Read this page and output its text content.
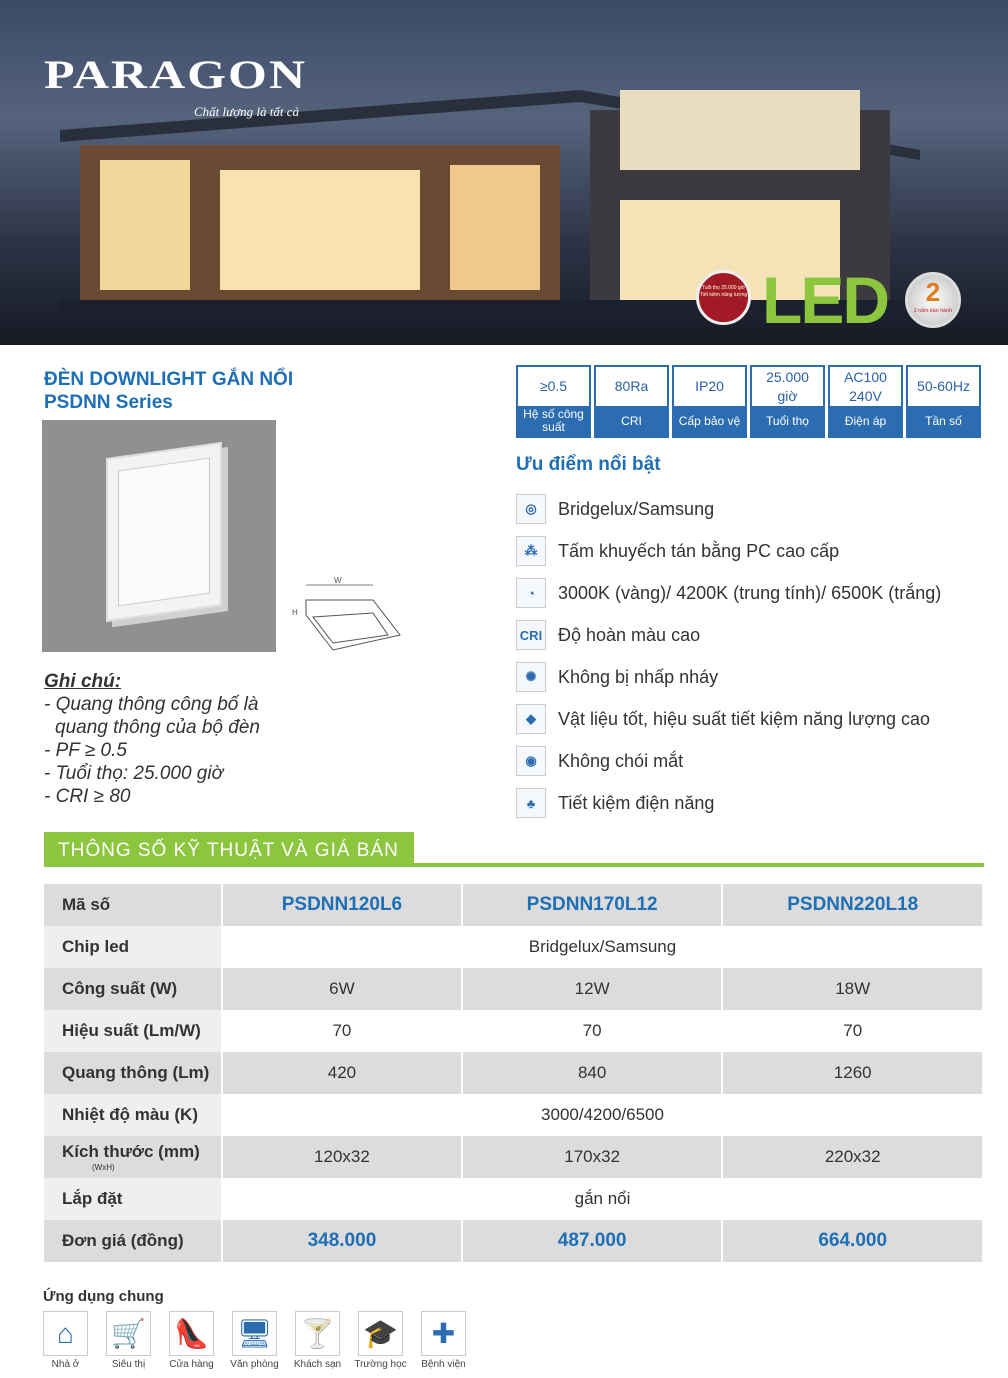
PARAGON
Chất lượng là tất cả
Tuổi thọ 25.000 giờ Tiết kiệm năng lượng LED	2
2 năm bảo hành
ĐÈN DOWNLIGHT GẮN NỔI
PSDNN Series
W
H
Ghi chú:
- Quang thông công bố là
quang thông của bộ đèn
- PF ≥ 0.5
- Tuổi thọ: 25.000 giờ
- CRI ≥ 80
≥0.5
Hệ số công suất
80Ra
CRI
IP20
Cấp bảo vệ
25.000 giờ
Tuổi thọ
AC100 240V
Điện áp
50-60Hz
Tần số
Ưu điểm nổi bật
◎	Bridgelux/Samsung
⁂	Tấm khuyếch tán bằng PC cao cấp
◔	3000K (vàng)/ 4200K (trung tính)/ 6500K (trắng)
CRI Độ hoàn màu cao
✺	Không bị nhấp nháy
◆	Vật liệu tốt, hiệu suất tiết kiệm năng lượng cao
◉	Không chói mắt
♣	Tiết kiệm điện năng
THÔNG SỐ KỸ THUẬT VÀ GIÁ BÁN
Mã số	PSDNN120L6	PSDNN170L12	PSDNN220L18
Chip led	Bridgelux/Samsung		
Công suất (W)	6W	12W	18W
Hiệu suất (Lm/W)	70	70	70
Quang thông (Lm)	420	840	1260
Nhiệt độ màu (K)	3000/4200/6500		

Kích thước (mm)
(WxH)	120x32	170x32	220x32
Lắp đặt	gắn nổi		
Đơn giá (đồng)	348.000	487.000	664.000
Ứng dụng chung
⌂
Nhà ở
🛒
Siêu thị
👠
Cửa hàng
🖥
Văn phòng
🍸
Khách sạn
🎓
Trường học
✚
Bệnh viện
